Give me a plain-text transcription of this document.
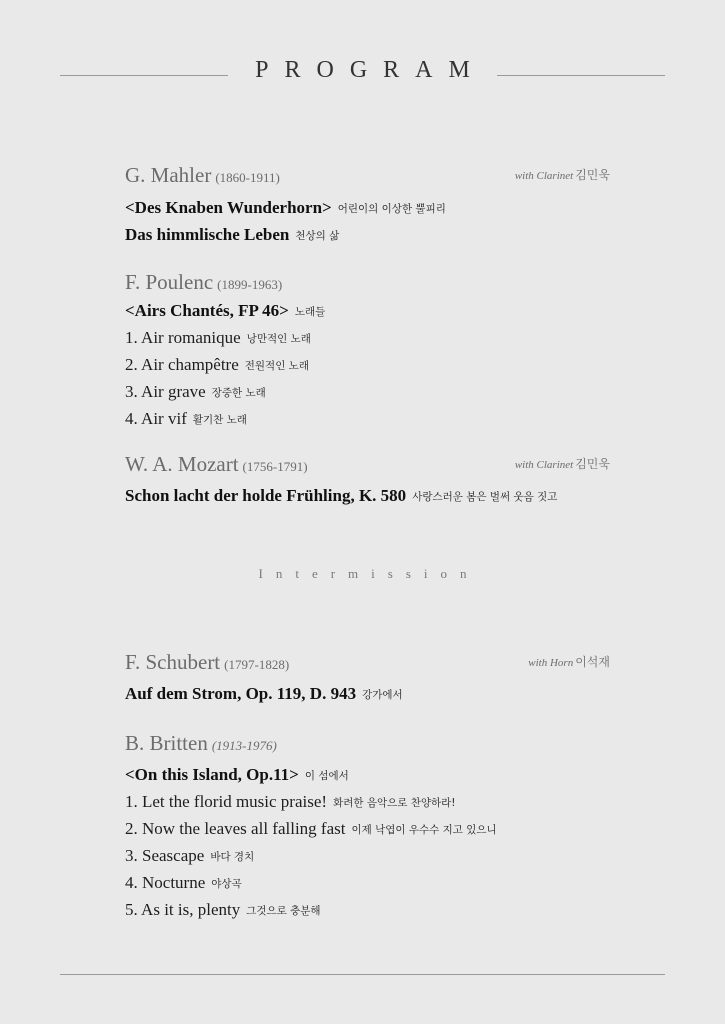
PROGRAM
G. Mahler (1860-1911)	with Clarinet 김민욱
<Des Knaben Wunderhorn> 어린이의 이상한 뿔피리
Das himmlische Leben 천상의 삶
F. Poulenc (1899-1963)
<Airs Chantés, FP 46> 노래들
1. Air romanique 낭만적인 노래
2. Air champêtre 전원적인 노래
3. Air grave 장중한 노래
4. Air vif 활기찬 노래
W. A. Mozart (1756-1791)	with Clarinet 김민욱
Schon lacht der holde Frühling, K. 580 사랑스러운 봄은 벌써 웃음 짓고
Intermission
F. Schubert (1797-1828)	with Horn 이석재
Auf dem Strom, Op. 119, D. 943 강가에서
B. Britten (1913-1976)
<On this Island, Op.11> 이 섬에서
1. Let the florid music praise! 화려한 음악으로 찬양하라!
2. Now the leaves all falling fast 이제 낙엽이 우수수 지고 있으니
3. Seascape 바다 경치
4. Nocturne 야상곡
5. As it is, plenty 그것으로 충분해
